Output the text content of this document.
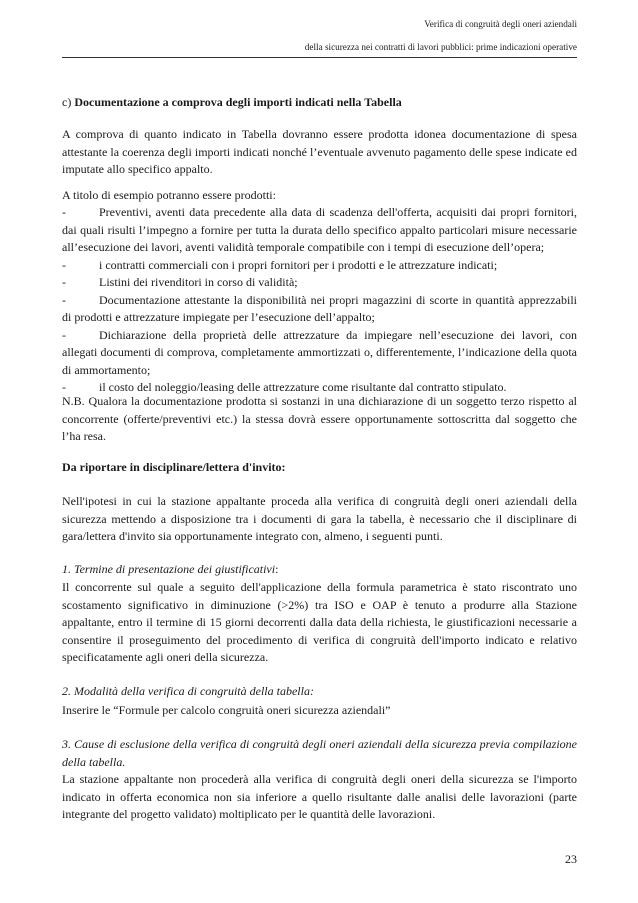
Verifica di congruità degli oneri aziendali
della sicurezza nei contratti di lavori pubblici: prime indicazioni operative
c) Documentazione a comprova degli importi indicati nella Tabella
A comprova di quanto indicato in Tabella dovranno essere prodotta idonea documentazione di spesa attestante la coerenza degli importi indicati nonché l’eventuale avvenuto pagamento delle spese indicate ed imputate allo specifico appalto.
A titolo di esempio potranno essere prodotti:
-	Preventivi, aventi data precedente alla data di scadenza dell'offerta, acquisiti dai propri fornitori, dai quali risulti l’impegno a fornire per tutta la durata dello specifico appalto particolari misure necessarie all’esecuzione dei lavori, aventi validità temporale compatibile con i tempi di esecuzione dell’opera;
-	i contratti commerciali con i propri fornitori per i prodotti e le attrezzature indicati;
-	Listini dei rivenditori in corso di validità;
-	Documentazione attestante la disponibilità nei propri magazzini di scorte in quantità apprezzabili di prodotti e attrezzature impiegate per l’esecuzione dell’appalto;
-	Dichiarazione della proprietà delle attrezzature da impiegare nell’esecuzione dei lavori, con allegati documenti di comprova, completamente ammortizzati o, differentemente, l’indicazione della quota di ammortamento;
-	il costo del noleggio/leasing delle attrezzature come risultante dal contratto stipulato.
N.B. Qualora la documentazione prodotta si sostanzi in una dichiarazione di un soggetto terzo rispetto al concorrente (offerte/preventivi etc.) la stessa dovrà essere opportunamente sottoscritta dal soggetto che l’ha resa.
Da riportare in disciplinare/lettera d'invito:
Nell'ipotesi in cui la stazione appaltante proceda alla verifica di congruità degli oneri aziendali della sicurezza mettendo a disposizione tra i documenti di gara la tabella, è necessario che il disciplinare di gara/lettera d'invito sia opportunamente integrato con, almeno, i seguenti punti.
1. Termine di presentazione dei giustificativi:
Il concorrente sul quale a seguito dell'applicazione della formula parametrica è stato riscontrato uno scostamento significativo in diminuzione (>2%) tra ISO e OAP è tenuto a produrre alla Stazione appaltante, entro il termine di 15 giorni decorrenti dalla data della richiesta, le giustificazioni necessarie a consentire il proseguimento del procedimento di verifica di congruità dell'importo indicato e relativo specificatamente agli oneri della sicurezza.
2. Modalità della verifica di congruità della tabella:
Inserire le “Formule per calcolo congruità oneri sicurezza aziendali”
3. Cause di esclusione della verifica di congruità degli oneri aziendali della sicurezza previa compilazione della tabella.
La stazione appaltante non procederà alla verifica di congruità degli oneri della sicurezza se l'importo indicato in offerta economica non sia inferiore a quello risultante dalle analisi delle lavorazioni (parte integrante del progetto validato) moltiplicato per le quantità delle lavorazioni.
23
